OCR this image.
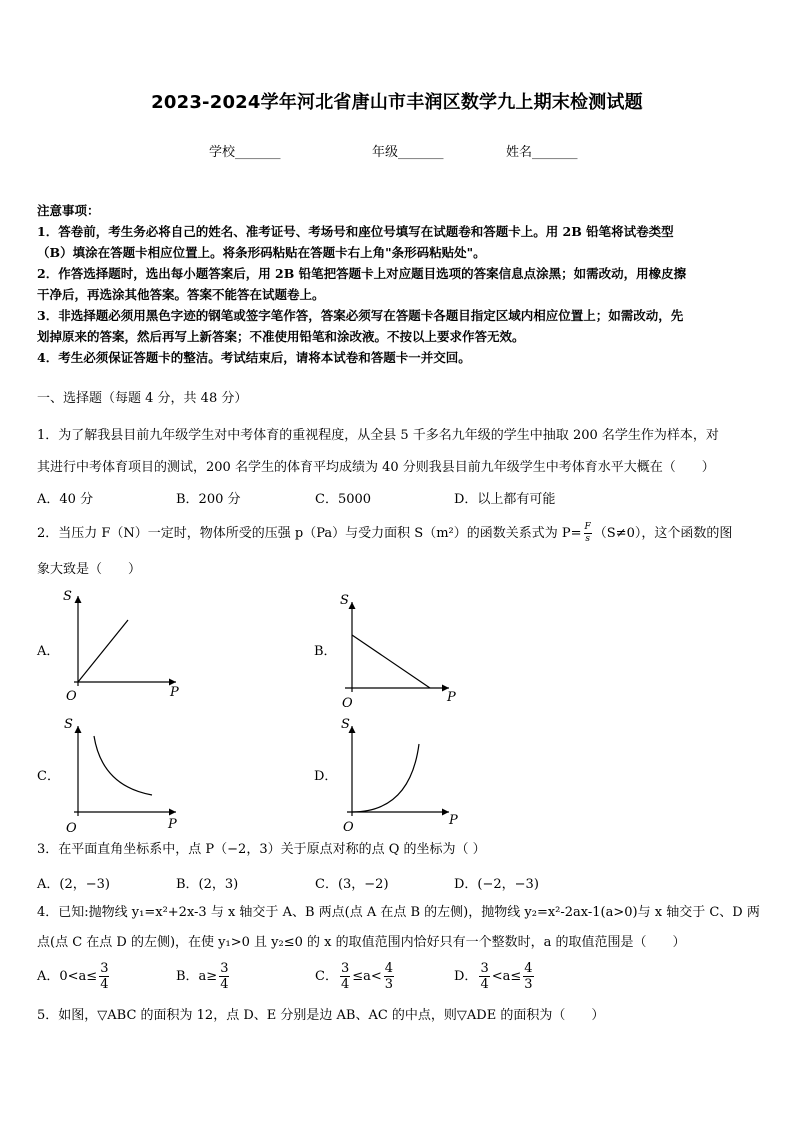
2023-2024学年河北省唐山市丰润区数学九上期末检测试题
学校_______	年级_______	姓名_______
注意事项：
1．答卷前，考生务必将自己的姓名、准考证号、考场号和座位号填写在试题卷和答题卡上。用 2B 铅笔将试卷类型
（B）填涂在答题卡相应位置上。将条形码粘贴在答题卡右上角"条形码粘贴处"。
2．作答选择题时，选出每小题答案后，用 2B 铅笔把答题卡上对应题目选项的答案信息点涂黑；如需改动，用橡皮擦
干净后，再选涂其他答案。答案不能答在试题卷上。
3．非选择题必须用黑色字迹的钢笔或签字笔作答，答案必须写在答题卡各题目指定区域内相应位置上；如需改动，先
划掉原来的答案，然后再写上新答案；不准使用铅笔和涂改液。不按以上要求作答无效。
4．考生必须保证答题卡的整洁。考试结束后，请将本试卷和答题卡一并交回。
一、选择题（每题 4 分，共 48 分）
1．为了解我县目前九年级学生对中考体育的重视程度，从全县 5 千多名九年级的学生中抽取 200 名学生作为样本，对
其进行中考体育项目的测试，200 名学生的体育平均成绩为 40 分则我县目前九年级学生中考体育水平大概在（　　）
A．40 分	B．200 分	C．5000	D．以上都有可能
2．当压力 F（N）一定时，物体所受的压强 p（Pa）与受力面积 S（m²）的函数关系式为 $P= \frac{F}{s} (S\ne 0)$，这个函数的图
象大致是（　　）
A．
S
P
O
B．
S
P
O
C．
S
P
O
D．
S
P
O
3．在平面直角坐标系中，点 P（−2，3）关于原点对称的点 Q 的坐标为（ ）
A．(2，−3)	B．(2，3)	C．(3，−2)	D．(−2，−3)
4．已知:抛物线 y₁=x²+2x-3 与 x 轴交于 A、B 两点(点 A 在点 B 的左侧)，抛物线 y₂=x²-2ax-1(a>0)与 x 轴交于 C、D 两
点(点 C 在点 D 的左侧)，在使 y₁>0 且 y₂≤0 的 x 的取值范围内恰好只有一个整数时，a 的取值范围是（　　）
A．$0<a\le \frac{3}{4}$	B．$a\ge \frac{3}{4}$	C． $\frac{3}{4} \le a< \frac{4}{3}$	D． $\frac{3}{4} <a\le \frac{4}{3}$
5．如图，▽ABC 的面积为 12，点 D、E 分别是边 AB、AC 的中点，则▽ADE 的面积为（　　）
